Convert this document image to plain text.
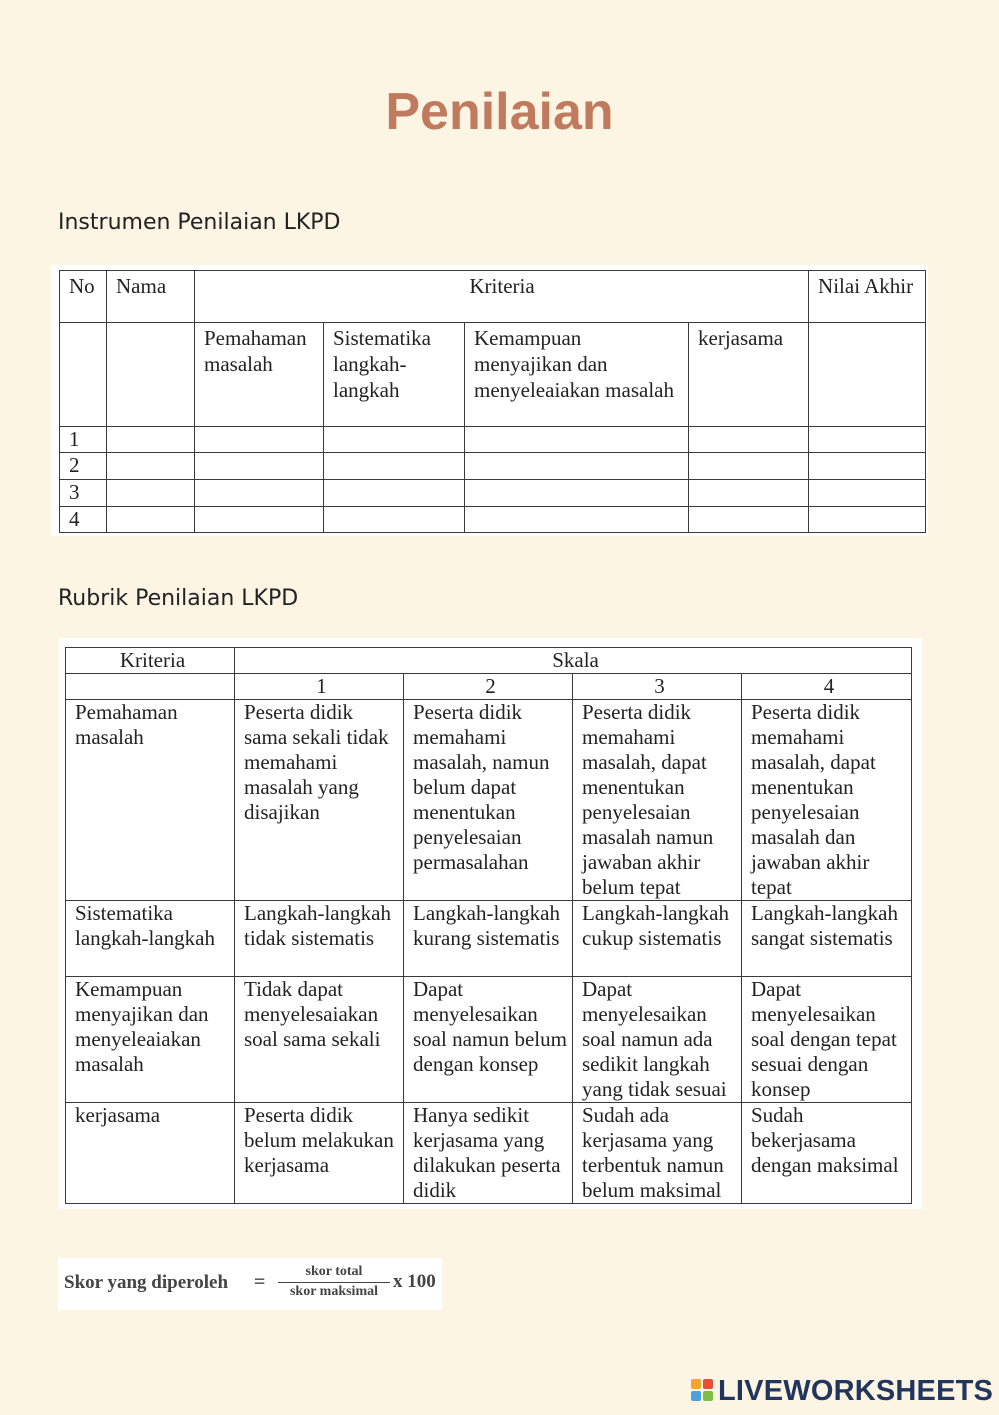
Penilaian
Instrumen Penilaian LKPD
No	Nama	Kriteria				Nilai Akhir
		Pemahaman masalah	Sistematika langkah-langkah	Kemampuan menyajikan dan menyeleaiakan masalah	kerjasama	
1						
2						
3						
4						
Rubrik Penilaian LKPD
Kriteria	Skala			
	1	2	3	4
Pemahaman masalah	Peserta didik sama sekali tidak memahami masalah yang disajikan	Peserta didik memahami masalah, namun belum dapat menentukan penyelesaian permasalahan	Peserta didik memahami masalah, dapat menentukan penyelesaian masalah namun jawaban akhir belum tepat	Peserta didik memahami masalah, dapat menentukan penyelesaian masalah dan jawaban akhir tepat
Sistematika langkah-langkah	Langkah-langkah tidak sistematis	Langkah-langkah kurang sistematis	Langkah-langkah cukup sistematis	Langkah-langkah sangat sistematis
Kemampuan menyajikan dan menyeleaiakan masalah	Tidak dapat menyelesaiakan soal sama sekali	Dapat menyelesaikan soal namun belum dengan konsep	Dapat menyelesaikan soal namun ada sedikit langkah yang tidak sesuai	Dapat menyelesaikan soal dengan tepat sesuai dengan konsep
kerjasama	Peserta didik belum melakukan kerjasama	Hanya sedikit kerjasama yang dilakukan peserta didik	Sudah ada kerjasama yang terbentuk namun belum maksimal	Sudah bekerjasama dengan maksimal
Skor yang diperoleh =	skor total
skor maksimal x 100
LIVEWORKSHEETS
